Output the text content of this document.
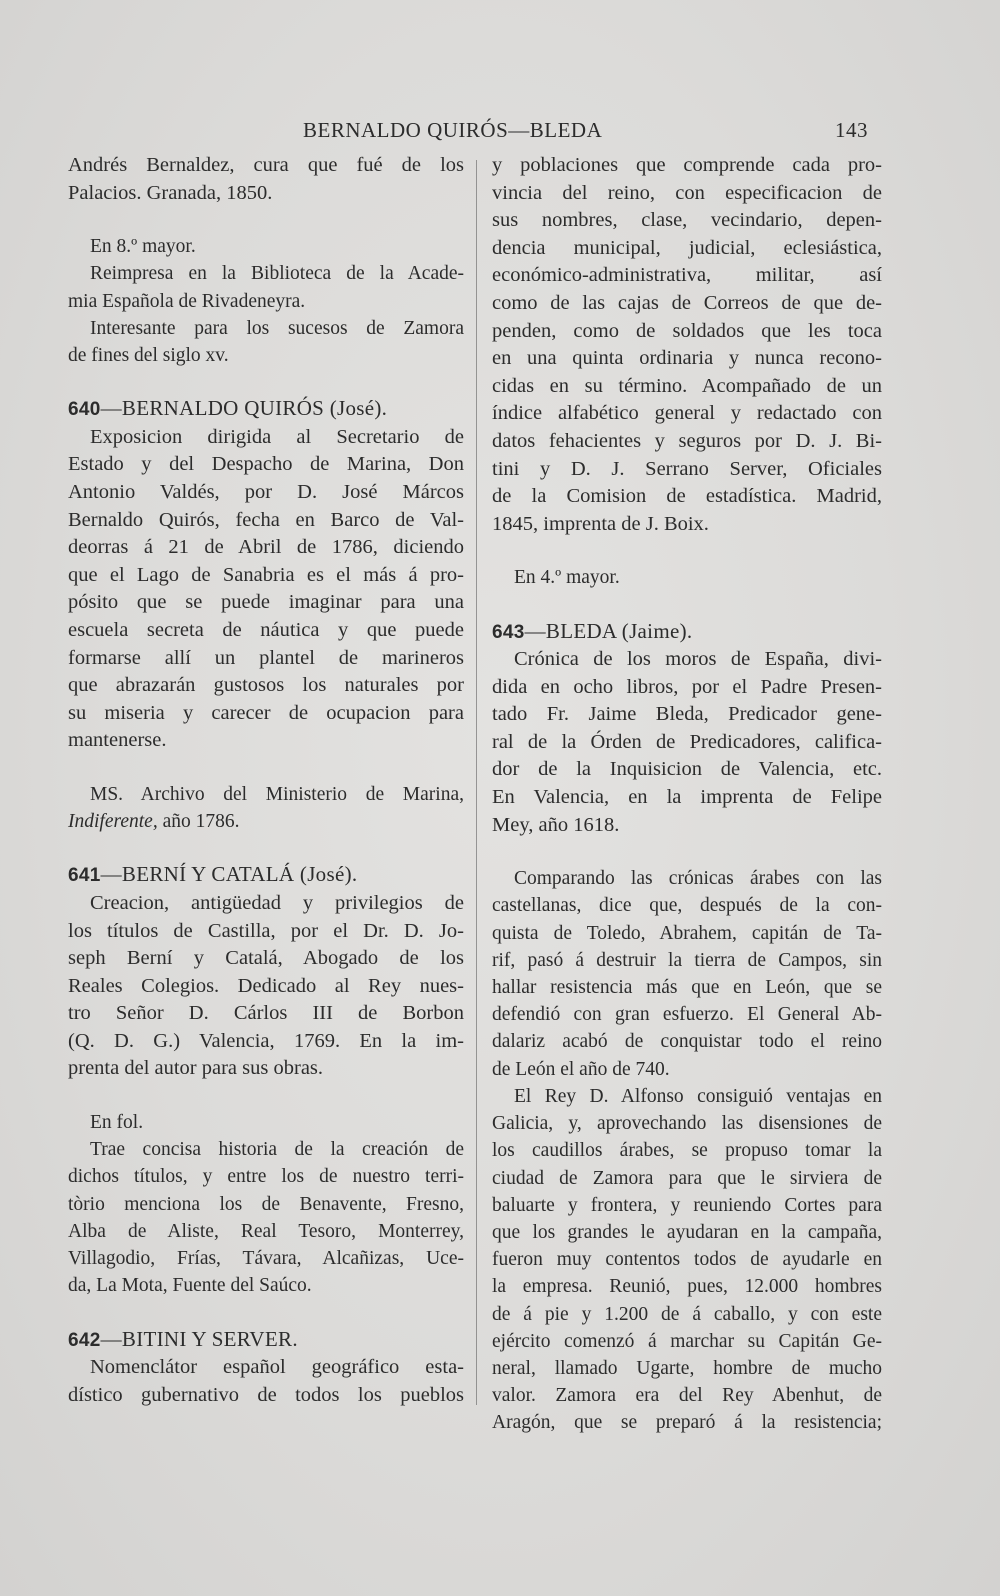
BERNALDO QUIRÓS—BLEDA	143
Andrés Bernaldez, cura que fué de los
Palacios. Granada, 1850.
En 8.º mayor.
Reimpresa en la Biblioteca de la Acade-
mia Española de Rivadeneyra.
Interesante para los sucesos de Zamora
de fines del siglo xv.
640—BERNALDO QUIRÓS (José).
Exposicion dirigida al Secretario de
Estado y del Despacho de Marina, Don
Antonio Valdés, por D. José Márcos
Bernaldo Quirós, fecha en Barco de Val-
deorras á 21 de Abril de 1786, diciendo
que el Lago de Sanabria es el más á pro-
pósito que se puede imaginar para una
escuela secreta de náutica y que puede
formarse allí un plantel de marineros
que abrazarán gustosos los naturales por
su miseria y carecer de ocupacion para
mantenerse.
MS. Archivo del Ministerio de Marina,
Indiferente, año 1786.
641—BERNÍ Y CATALÁ (José).
Creacion, antigüedad y privilegios de
los títulos de Castilla, por el Dr. D. Jo-
seph Berní y Catalá, Abogado de los
Reales Colegios. Dedicado al Rey nues-
tro Señor D. Cárlos III de Borbon
(Q. D. G.) Valencia, 1769. En la im-
prenta del autor para sus obras.
En fol.
Trae concisa historia de la creación de
dichos títulos, y entre los de nuestro terri-
tòrio menciona los de Benavente, Fresno,
Alba de Aliste, Real Tesoro, Monterrey,
Villagodio, Frías, Távara, Alcañizas, Uce-
da, La Mota, Fuente del Saúco.
642—BITINI Y SERVER.
Nomenclátor español geográfico esta-
dístico gubernativo de todos los pueblos
y poblaciones que comprende cada pro-
vincia del reino, con especificacion de
sus nombres, clase, vecindario, depen-
dencia municipal, judicial, eclesiástica,
económico-administrativa, militar, así
como de las cajas de Correos de que de-
penden, como de soldados que les toca
en una quinta ordinaria y nunca recono-
cidas en su término. Acompañado de un
índice alfabético general y redactado con
datos fehacientes y seguros por D. J. Bi-
tini y D. J. Serrano Server, Oficiales
de la Comision de estadística. Madrid,
1845, imprenta de J. Boix.
En 4.º mayor.
643—BLEDA (Jaime).
Crónica de los moros de España, divi-
dida en ocho libros, por el Padre Presen-
tado Fr. Jaime Bleda, Predicador gene-
ral de la Órden de Predicadores, califica-
dor de la Inquisicion de Valencia, etc.
En Valencia, en la imprenta de Felipe
Mey, año 1618.
Comparando las crónicas árabes con las
castellanas, dice que, después de la con-
quista de Toledo, Abrahem, capitán de Ta-
rif, pasó á destruir la tierra de Campos, sin
hallar resistencia más que en León, que se
defendió con gran esfuerzo. El General Ab-
dalariz acabó de conquistar todo el reino
de León el año de 740.
El Rey D. Alfonso consiguió ventajas en
Galicia, y, aprovechando las disensiones de
los caudillos árabes, se propuso tomar la
ciudad de Zamora para que le sirviera de
baluarte y frontera, y reuniendo Cortes para
que los grandes le ayudaran en la campaña,
fueron muy contentos todos de ayudarle en
la empresa. Reunió, pues, 12.000 hombres
de á pie y 1.200 de á caballo, y con este
ejército comenzó á marchar su Capitán Ge-
neral, llamado Ugarte, hombre de mucho
valor. Zamora era del Rey Abenhut, de
Aragón, que se preparó á la resistencia;
